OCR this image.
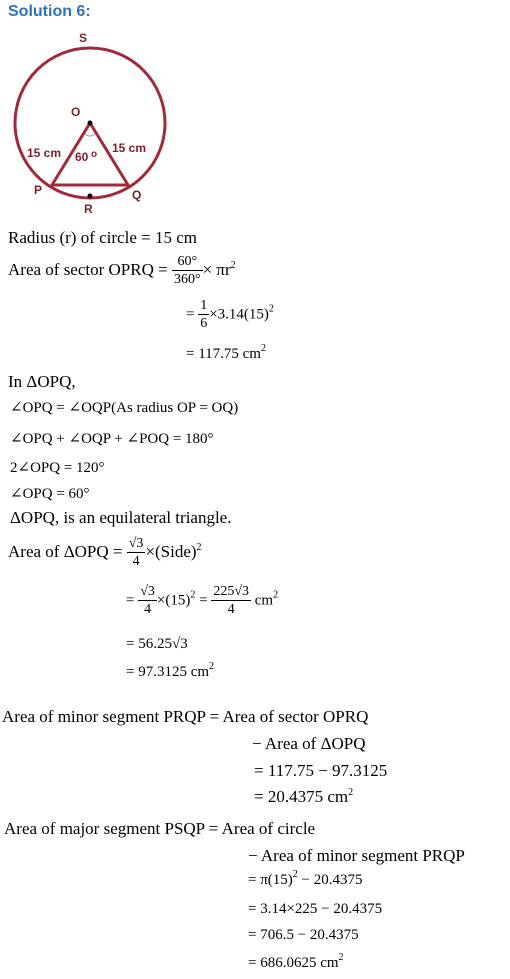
Solution 6:
S
O
15 cm	15 cm
60 o
P	Q
R
Radius (r) of circle = 15 cm
Area of sector OPRQ = $\frac{60^\circ}{360^\circ} \times \pi r^2$
= $\frac{1}{6} \times 3.14(15)^2$
= 117.75 $cm^2$
In ΔOPQ,
∠OPQ = ∠OQP(As radius OP = OQ)
∠OPQ + ∠OQP + ∠POQ = 180°
2∠OPQ = 120°
∠OPQ = 60°
ΔOPQ, is an equilateral triangle.
Area of $\Delta OPQ = \frac{√3}{4}$ ×(Side)$^2$
= $\frac{√3}{4} \times(15)^2 = \frac{225√3}{4} cm^2$
= 56.25√3
= 97.3125 $cm^2$
Area of minor segment PRQP = Area of sector OPRQ
− Area of ΔOPQ
= 117.75 − 97.3125
= 20.4375 $cm^2$
Area of major segment PSQP = Area of circle
− Area of minor segment PRQP
= $\pi(15)^2 - 20.4375$
= 3.14×225 − 20.4375
= 706.5 − 20.4375
= 686.0625 $cm^2$
